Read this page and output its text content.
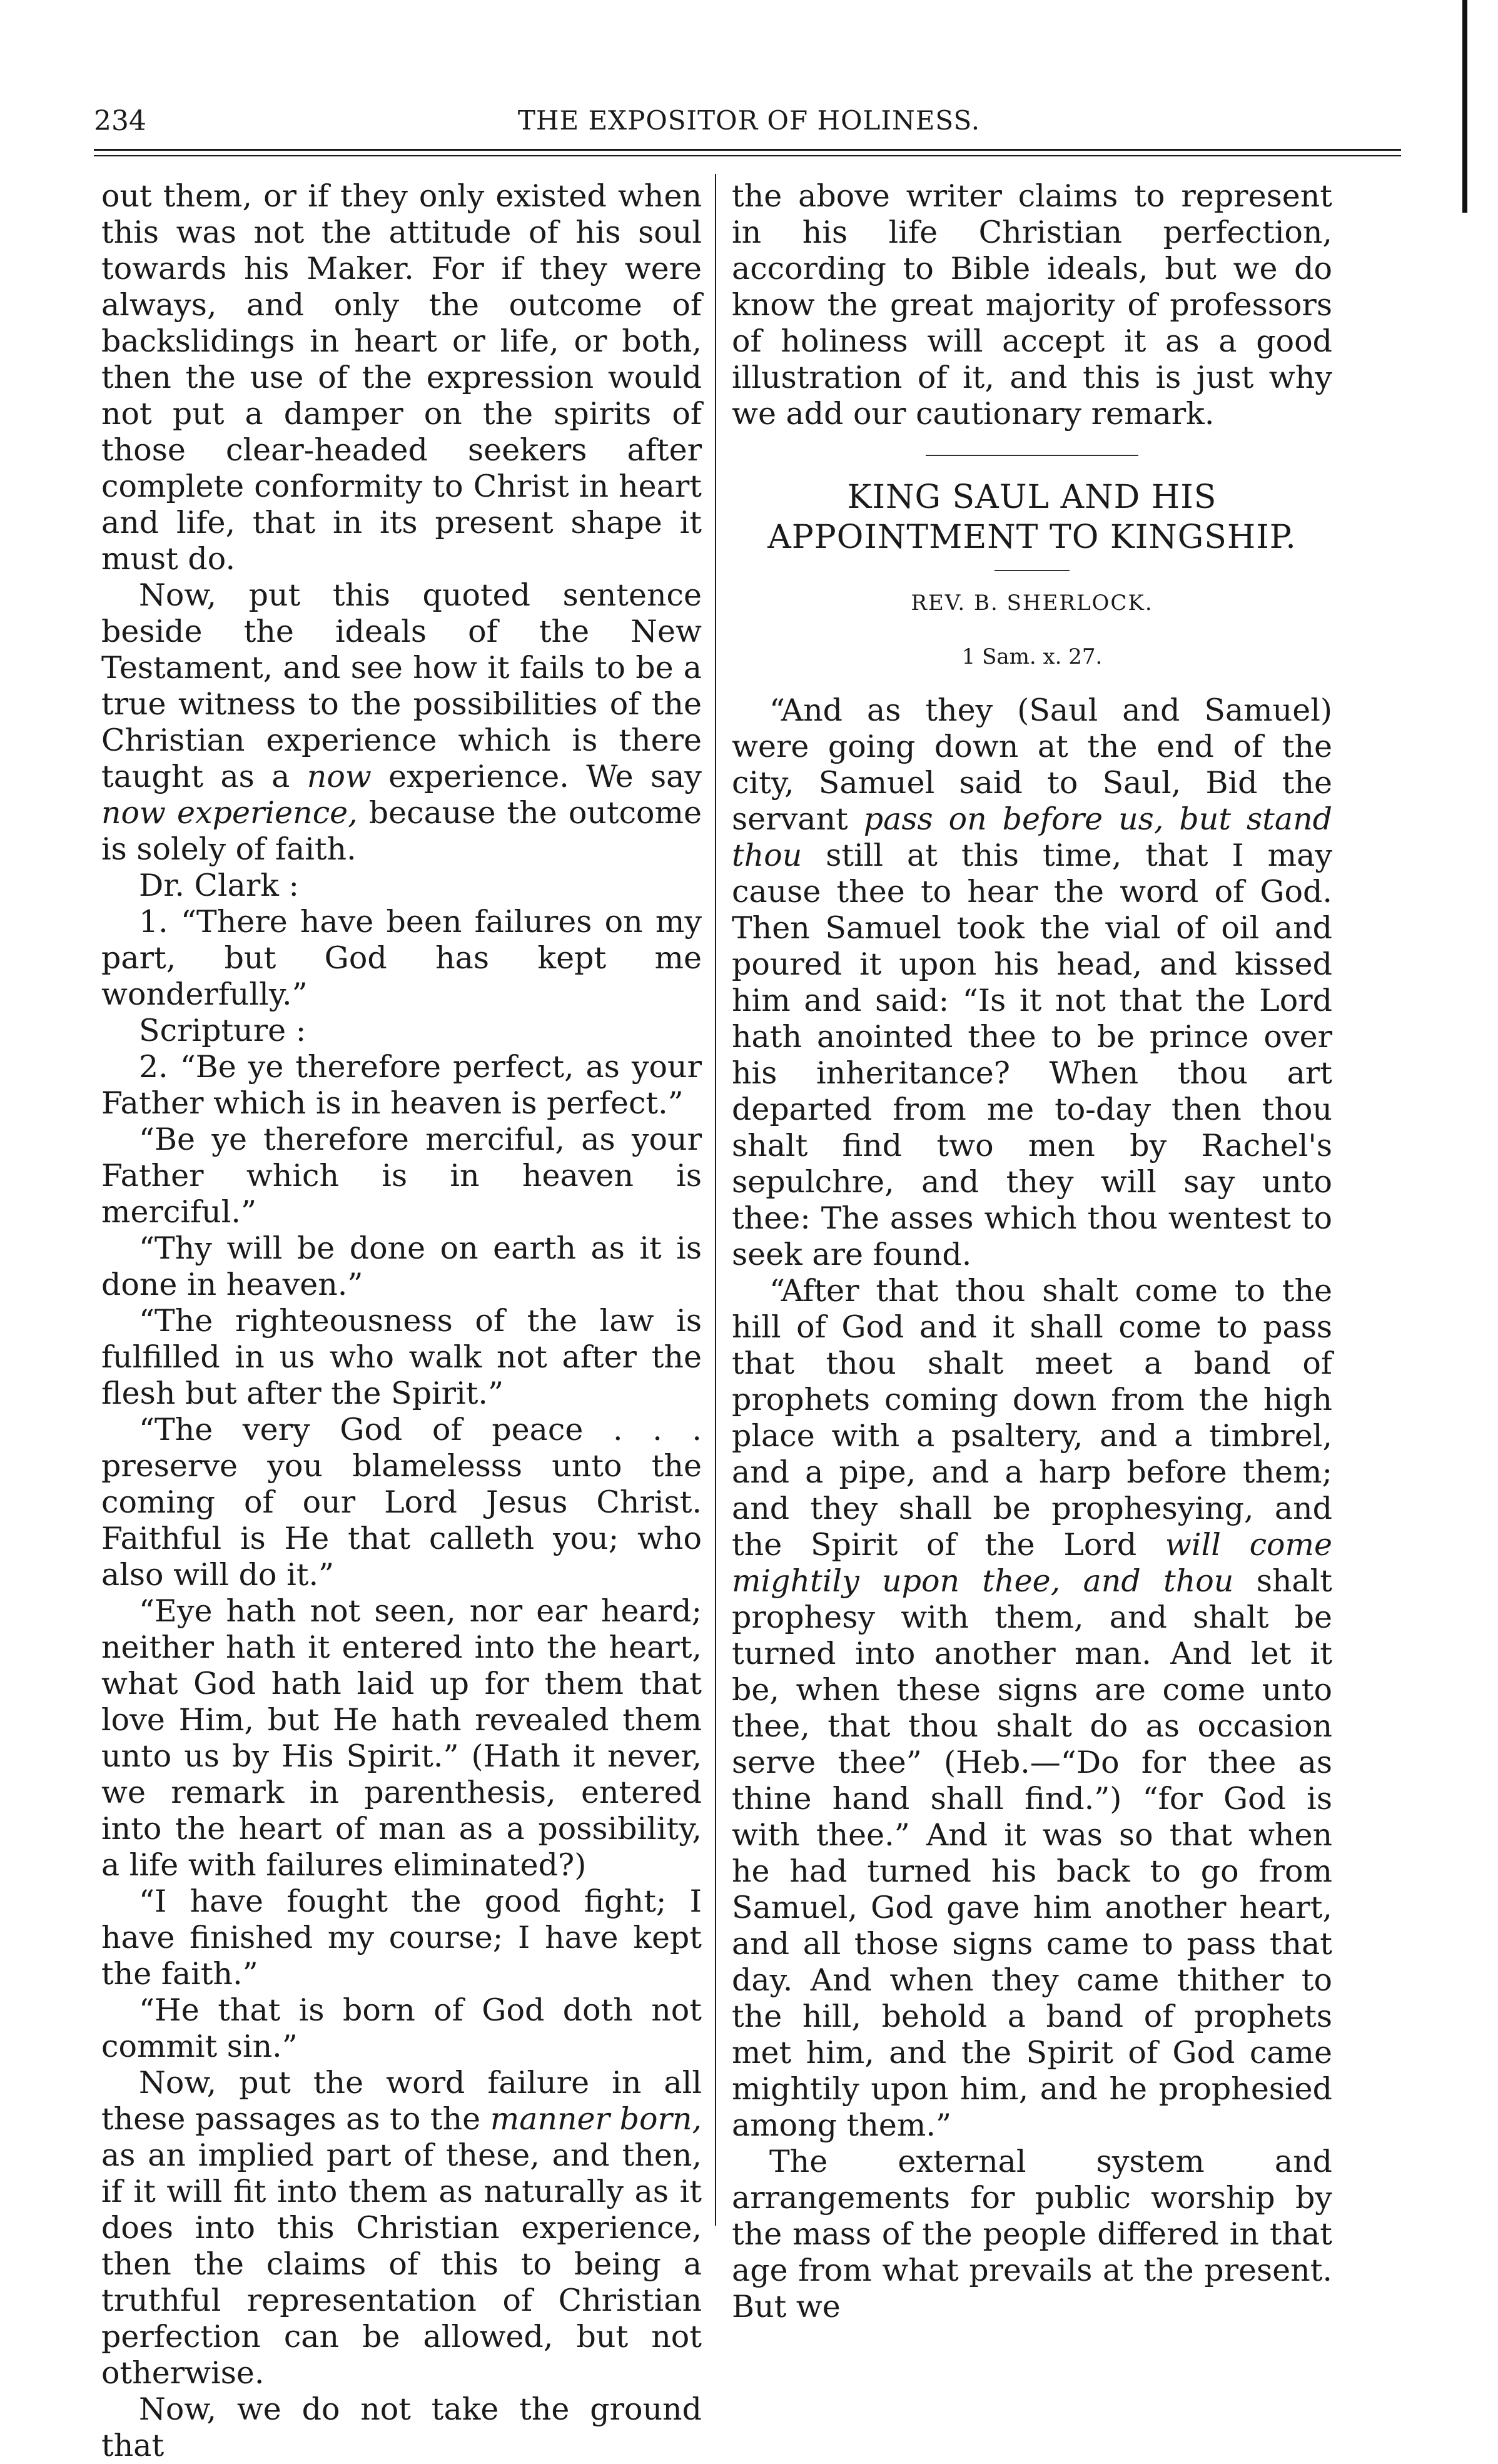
234	THE EXPOSITOR OF HOLINESS.

out them, or if they only existed when this was not the attitude of his soul towards his Maker. For if they were always, and only the outcome of backslidings in heart or life, or both, then the use of the expression would not put a damper on the spirits of those clear-headed seekers after complete conformity to Christ in heart and life, that in its present shape it must do.

Now, put this quoted sentence beside the ideals of the New Testament, and see how it fails to be a true witness to the possibilities of the Christian experience which is there taught as a now experience. We say now experience, because the outcome is solely of faith.

Dr. Clark :

1. “There have been failures on my part, but God has kept me wonderfully.”

Scripture :

2. “Be ye therefore perfect, as your Father which is in heaven is perfect.”

“Be ye therefore merciful, as your Father which is in heaven is merciful.”

“Thy will be done on earth as it is done in heaven.”

“The righteousness of the law is fulfilled in us who walk not after the flesh but after the Spirit.”

“The very God of peace . . . preserve you blamelesss unto the coming of our Lord Jesus Christ. Faithful is He that calleth you; who also will do it.”

“Eye hath not seen, nor ear heard; neither hath it entered into the heart, what God hath laid up for them that love Him, but He hath revealed them unto us by His Spirit.” (Hath it never, we remark in parenthesis, entered into the heart of man as a possibility, a life with failures eliminated?)

“I have fought the good fight; I have finished my course; I have kept the faith.”

“He that is born of God doth not commit sin.”

Now, put the word failure in all these passages as to the manner born, as an implied part of these, and then, if it will fit into them as naturally as it does into this Christian experience, then the claims of this to being a truthful representation of Christian perfection can be allowed, but not otherwise.

Now, we do not take the ground that

the above writer claims to represent in his life Christian perfection, according to Bible ideals, but we do know the great majority of professors of holiness will accept it as a good illustration of it, and this is just why we add our cautionary remark.

KING SAUL AND HIS APPOINTMENT TO KINGSHIP.
REV. B. SHERLOCK.
1 Sam. x. 27.

“And as they (Saul and Samuel) were going down at the end of the city, Samuel said to Saul, Bid the servant pass on before us, but stand thou still at this time, that I may cause thee to hear the word of God. Then Samuel took the vial of oil and poured it upon his head, and kissed him and said: “Is it not that the Lord hath anointed thee to be prince over his inheritance? When thou art departed from me to-day then thou shalt find two men by Rachel's sepulchre, and they will say unto thee: The asses which thou wentest to seek are found.

“After that thou shalt come to the hill of God and it shall come to pass that thou shalt meet a band of prophets coming down from the high place with a psaltery, and a timbrel, and a pipe, and a harp before them; and they shall be prophesying, and the Spirit of the Lord will come mightily upon thee, and thou shalt prophesy with them, and shalt be turned into another man. And let it be, when these signs are come unto thee, that thou shalt do as occasion serve thee” (Heb.—“Do for thee as thine hand shall find.”) “for God is with thee.” And it was so that when he had turned his back to go from Samuel, God gave him another heart, and all those signs came to pass that day. And when they came thither to the hill, behold a band of prophets met him, and the Spirit of God came mightily upon him, and he prophesied among them.”

The external system and arrangements for public worship by the mass of the people differed in that age from what prevails at the present. But we
